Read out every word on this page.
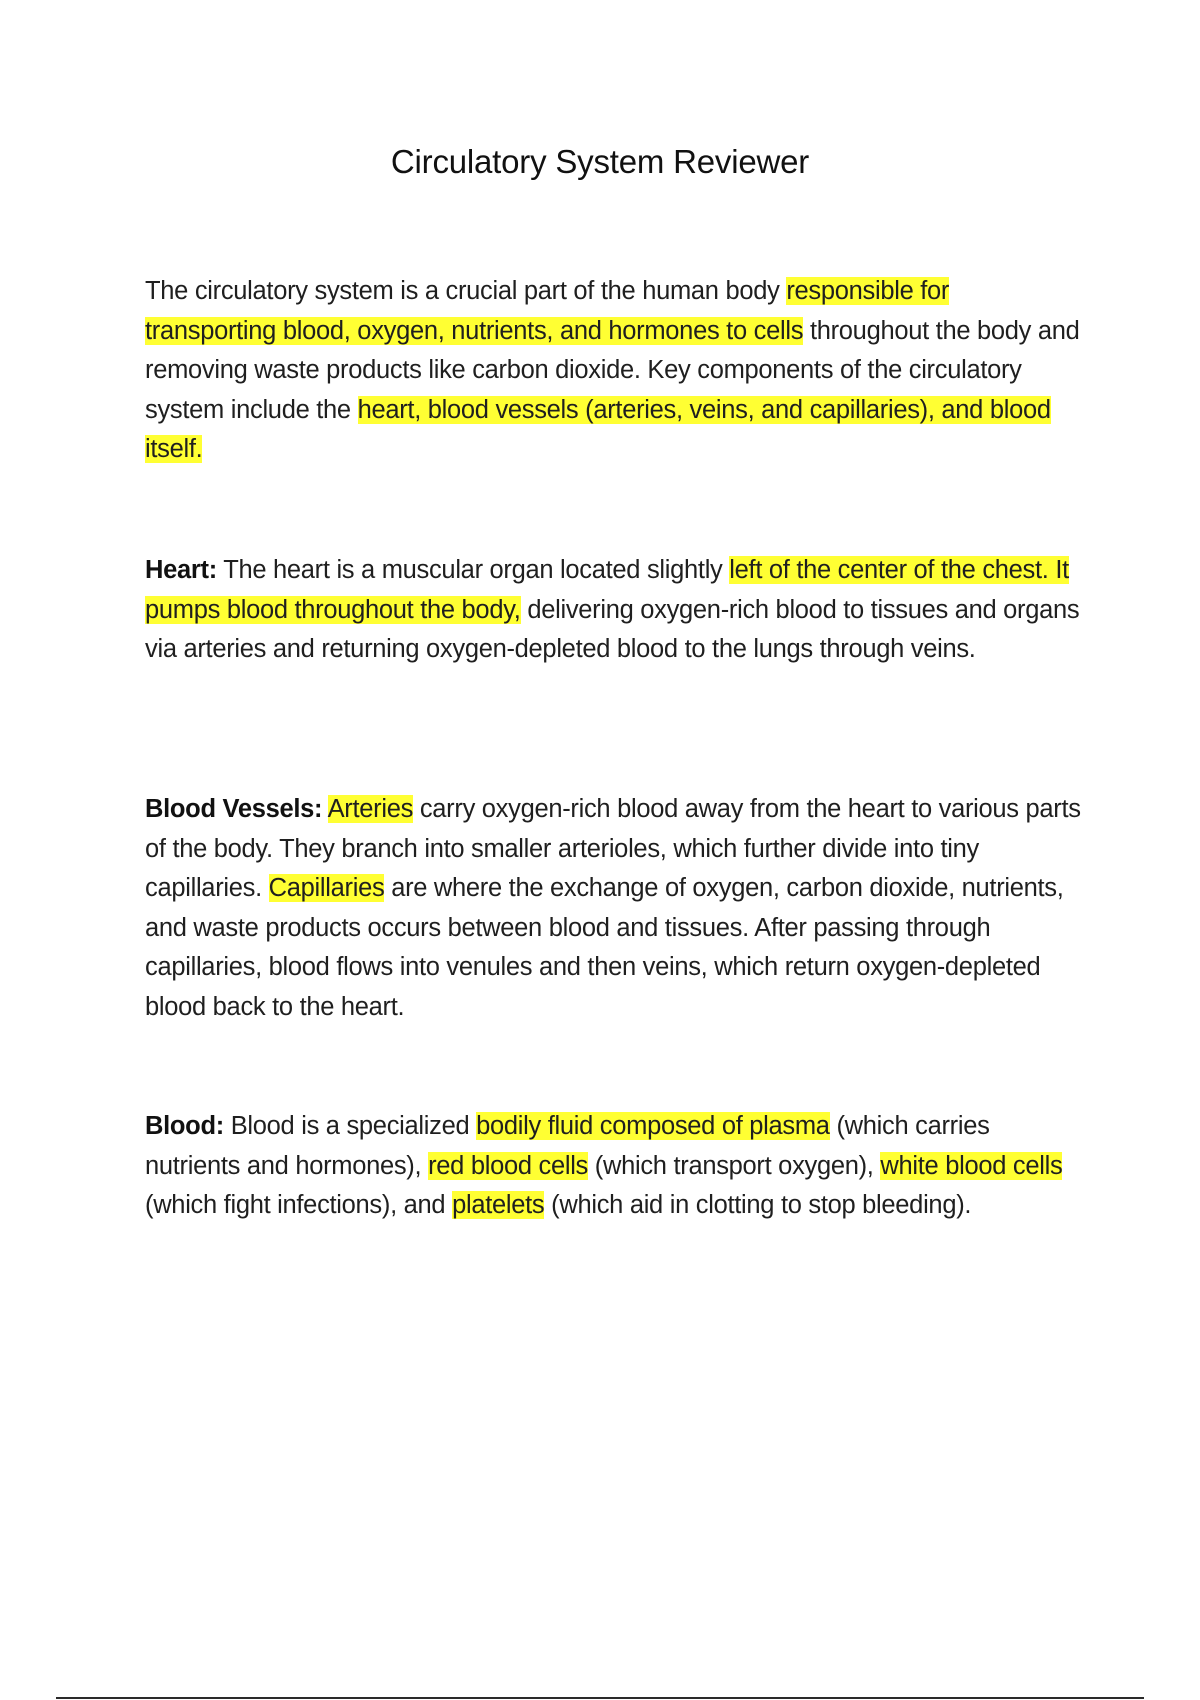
Circulatory System Reviewer

The circulatory system is a crucial part of the human body responsible for transporting blood, oxygen, nutrients, and hormones to cells throughout the body and removing waste products like carbon dioxide. Key components of the circulatory system include the heart, blood vessels (arteries, veins, and capillaries), and blood itself.

Heart: The heart is a muscular organ located slightly left of the center of the chest. It pumps blood throughout the body, delivering oxygen-rich blood to tissues and organs via arteries and returning oxygen-depleted blood to the lungs through veins.

Blood Vessels: Arteries carry oxygen-rich blood away from the heart to various parts of the body. They branch into smaller arterioles, which further divide into tiny capillaries. Capillaries are where the exchange of oxygen, carbon dioxide, nutrients, and waste products occurs between blood and tissues. After passing through capillaries, blood flows into venules and then veins, which return oxygen-depleted blood back to the heart.

Blood: Blood is a specialized bodily fluid composed of plasma (which carries nutrients and hormones), red blood cells (which transport oxygen), white blood cells (which fight infections), and platelets (which aid in clotting to stop bleeding).
